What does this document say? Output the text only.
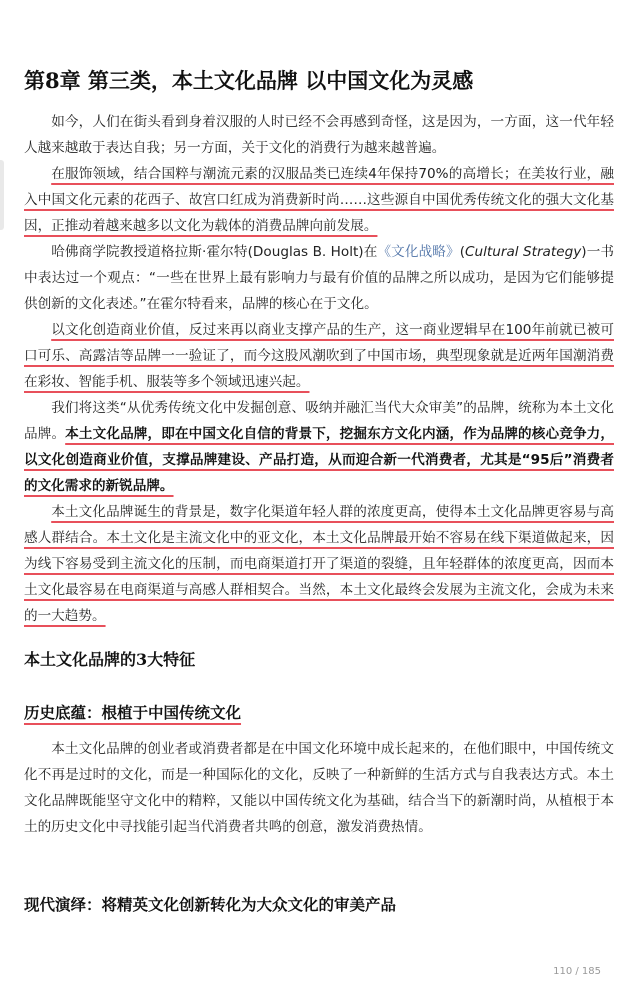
第8章 第三类，本土文化品牌 以中国文化为灵感

如今，人们在街头看到身着汉服的人时已经不会再感到奇怪，这是因为，一方面，这一代年轻人越来越敢于表达自我；另一方面，关于文化的消费行为越来越普遍。

在服饰领域，结合国粹与潮流元素的汉服品类已连续4年保持70%的高增长；在美妆行业，融入中国文化元素的花西子、故宫口红成为消费新时尚……这些源自中国优秀传统文化的强大文化基因，正推动着越来越多以文化为载体的消费品牌向前发展。

哈佛商学院教授道格拉斯·霍尔特(Douglas B. Holt)在《文化战略》(Cultural Strategy)一书中表达过一个观点：“一些在世界上最有影响力与最有价值的品牌之所以成功，是因为它们能够提供创新的文化表述。”在霍尔特看来，品牌的核心在于文化。

以文化创造商业价值，反过来再以商业支撑产品的生产，这一商业逻辑早在100年前就已被可口可乐、高露洁等品牌一一验证了，而今这股风潮吹到了中国市场，典型现象就是近两年国潮消费在彩妆、智能手机、服装等多个领域迅速兴起。

我们将这类“从优秀传统文化中发掘创意、吸纳并融汇当代大众审美”的品牌，统称为本土文化品牌。本土文化品牌，即在中国文化自信的背景下，挖掘东方文化内涵，作为品牌的核心竞争力，以文化创造商业价值，支撑品牌建设、产品打造，从而迎合新一代消费者，尤其是“95后”消费者的文化需求的新锐品牌。

本土文化品牌诞生的背景是，数字化渠道年轻人群的浓度更高，使得本土文化品牌更容易与高感人群结合。本土文化是主流文化中的亚文化，本土文化品牌最开始不容易在线下渠道做起来，因为线下容易受到主流文化的压制，而电商渠道打开了渠道的裂缝，且年轻群体的浓度更高，因而本土文化最容易在电商渠道与高感人群相契合。当然，本土文化最终会发展为主流文化，会成为未来的一大趋势。

本土文化品牌的3大特征
历史底蕴：根植于中国传统文化

本土文化品牌的创业者或消费者都是在中国文化环境中成长起来的，在他们眼中，中国传统文化不再是过时的文化，而是一种国际化的文化，反映了一种新鲜的生活方式与自我表达方式。本土文化品牌既能坚守文化中的精粹，又能以中国传统文化为基础，结合当下的新潮时尚，从植根于本土的历史文化中寻找能引起当代消费者共鸣的创意，激发消费热情。

现代演绎：将精英文化创新转化为大众文化的审美产品
110 / 185
